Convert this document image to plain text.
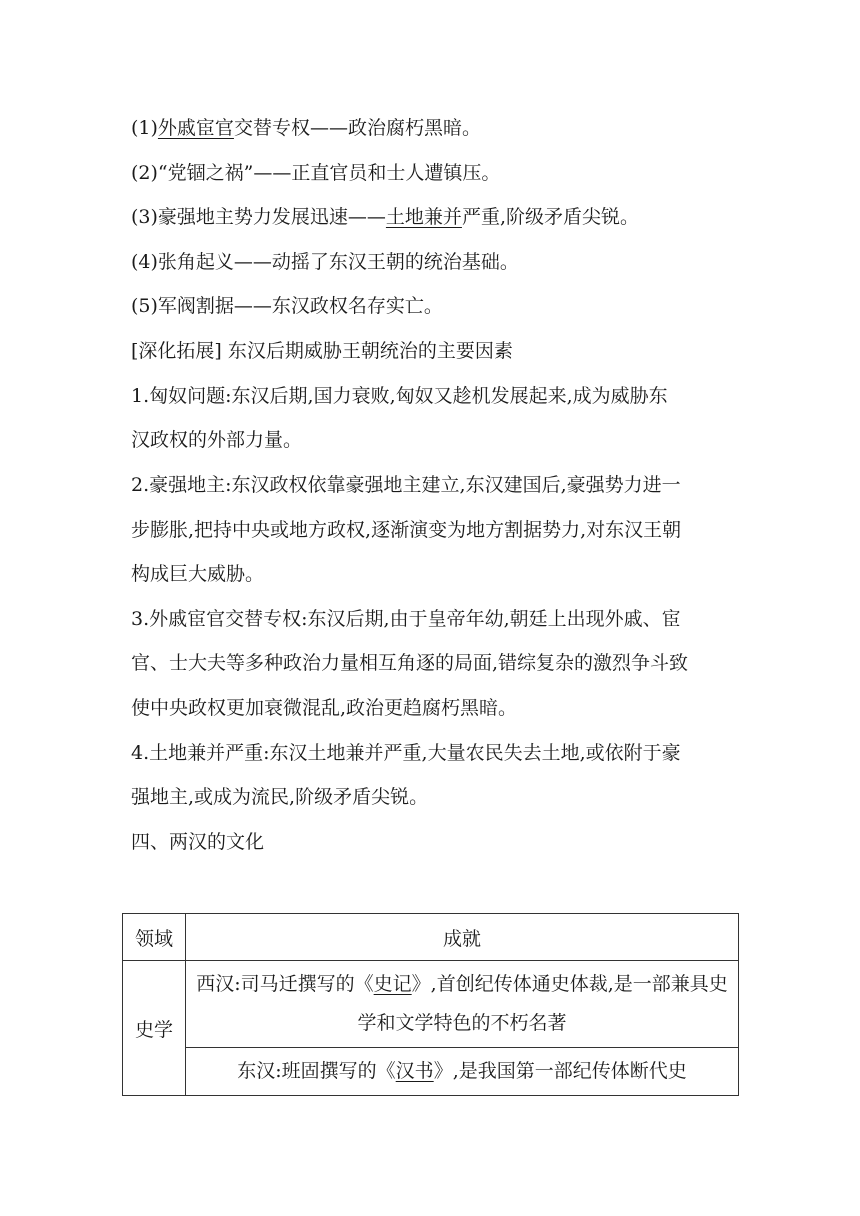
(1)外戚宦官交替专权——政治腐朽黑暗。
(2)“党锢之祸”——正直官员和士人遭镇压。
(3)豪强地主势力发展迅速——土地兼并严重,阶级矛盾尖锐。
(4)张角起义——动摇了东汉王朝的统治基础。
(5)军阀割据——东汉政权名存实亡。
[深化拓展] 东汉后期威胁王朝统治的主要因素
1.匈奴问题:东汉后期,国力衰败,匈奴又趁机发展起来,成为威胁东
汉政权的外部力量。
2.豪强地主:东汉政权依靠豪强地主建立,东汉建国后,豪强势力进一
步膨胀,把持中央或地方政权,逐渐演变为地方割据势力,对东汉王朝
构成巨大威胁。
3.外戚宦官交替专权:东汉后期,由于皇帝年幼,朝廷上出现外戚、宦
官、士大夫等多种政治力量相互角逐的局面,错综复杂的激烈争斗致
使中央政权更加衰微混乱,政治更趋腐朽黑暗。
4.土地兼并严重:东汉土地兼并严重,大量农民失去土地,或依附于豪
强地主,或成为流民,阶级矛盾尖锐。
四、两汉的文化
领域	成就
史学	西汉:司马迁撰写的《史记》,首创纪传体通史体裁,是一部兼具史学和文学特色的不朽名著
	东汉:班固撰写的《汉书》,是我国第一部纪传体断代史
